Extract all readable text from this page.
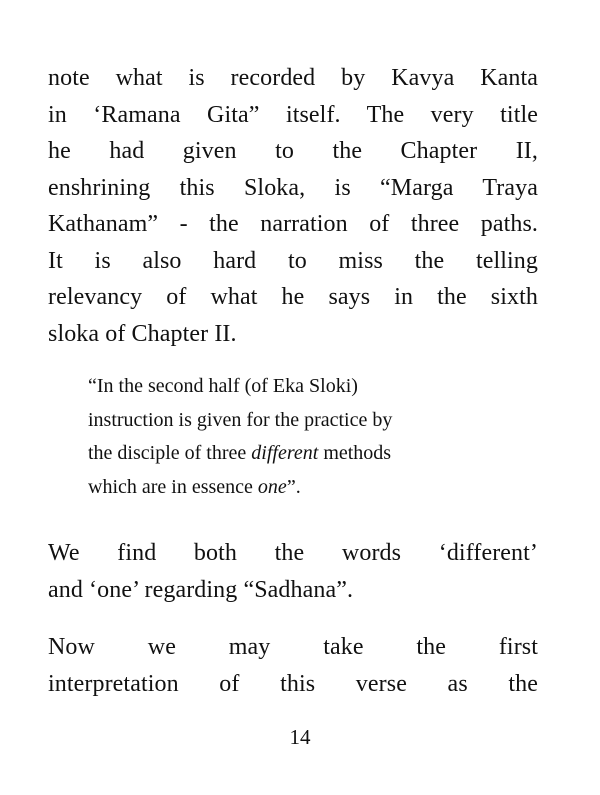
note what is recorded by Kavya Kanta
in ‘Ramana Gita” itself. The very title
he had given to the Chapter II,
enshrining this Sloka, is “Marga Traya
Kathanam” - the narration of three paths.
It is also hard to miss the telling
relevancy of what he says in the sixth
sloka of Chapter II.

“In the second half (of Eka Sloki)
instruction is given for the practice by
the disciple of three different methods
which are in essence one”.

We find both the words ‘different’
and ‘one’ regarding “Sadhana”.

Now we may take the first
interpretation of this verse as the

14
